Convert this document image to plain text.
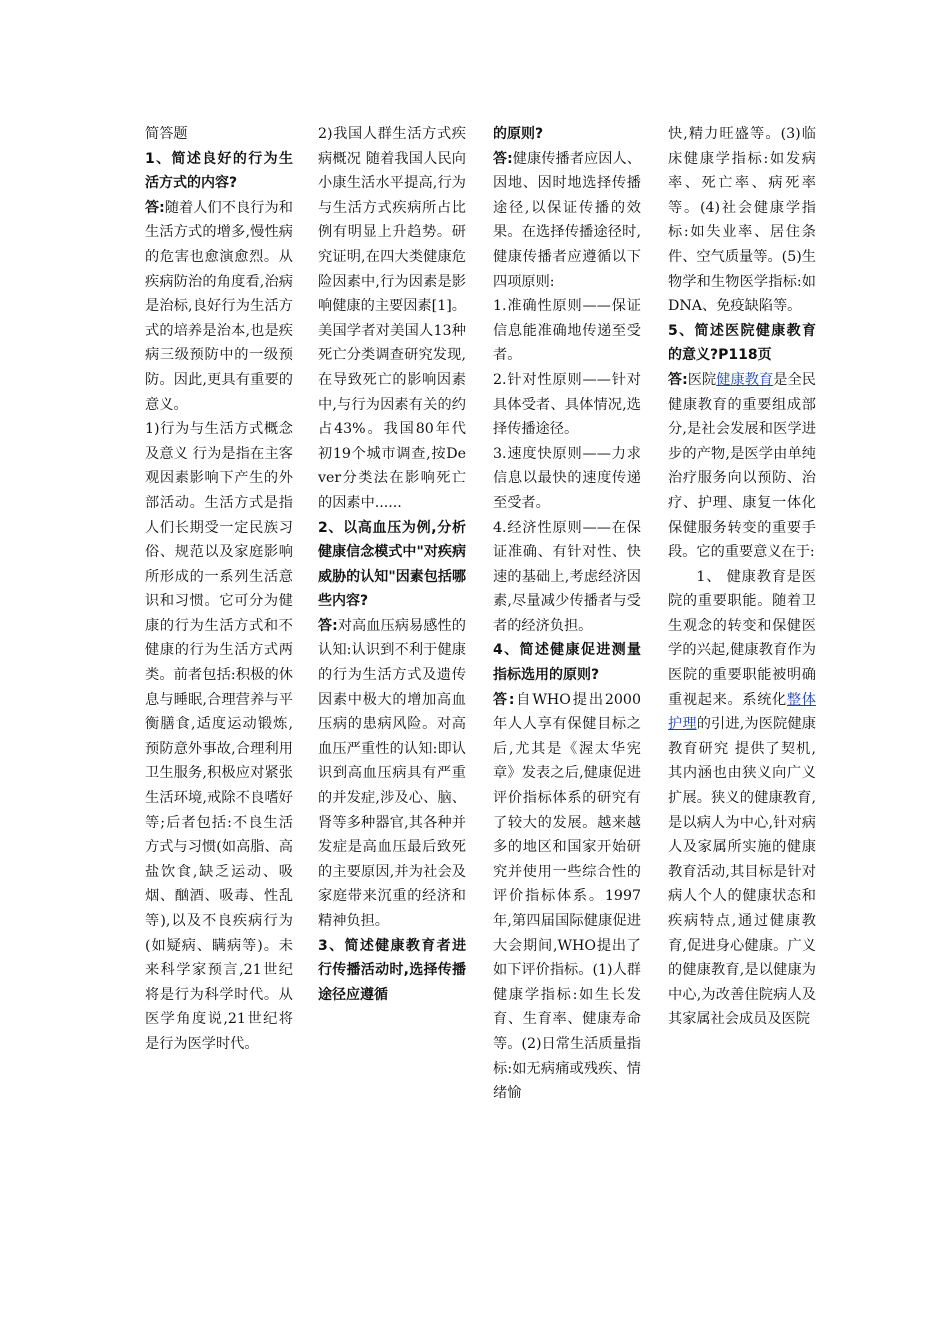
简答题

1、简述良好的行为生活方式的内容?

答:随着人们不良行为和生活方式的增多,慢性病的危害也愈演愈烈。从疾病防治的角度看,治病是治标,良好行为生活方式的培养是治本,也是疾病三级预防中的一级预防。因此,更具有重要的意义。

1)行为与生活方式概念及意义 行为是指在主客观因素影响下产生的外部活动。生活方式是指人们长期受一定民族习俗、规范以及家庭影响所形成的一系列生活意识和习惯。它可分为健康的行为生活方式和不健康的行为生活方式两类。前者包括:积极的休息与睡眠,合理营养与平衡膳食,适度运动锻炼,预防意外事故,合理利用卫生服务,积极应对紧张生活环境,戒除不良嗜好等;后者包括:不良生活方式与习惯(如高脂、高盐饮食,缺乏运动、吸烟、酗酒、吸毒、性乱等),以及不良疾病行为(如疑病、瞒病等)。未来科学家预言,21世纪将是行为科学时代。从医学角度说,21世纪将是行为医学时代。

2)我国人群生活方式疾病概况 随着我国人民向小康生活水平提高,行为与生活方式疾病所占比例有明显上升趋势。研究证明,在四大类健康危险因素中,行为因素是影响健康的主要因素[1]。美国学者对美国人13种死亡分类调查研究发现,在导致死亡的影响因素中,与行为因素有关的约占43%。我国80年代初19个城市调查,按Dever分类法在影响死亡的因素中......

2、以高血压为例,分析健康信念模式中"对疾病威胁的认知"因素包括哪些内容?

答:对高血压病易感性的认知:认识到不利于健康的行为生活方式及遗传因素中极大的增加高血压病的患病风险。对高血压严重性的认知:即认识到高血压病具有严重的并发症,涉及心、脑、肾等多种器官,其各种并发症是高血压最后致死的主要原因,并为社会及家庭带来沉重的经济和精神负担。

3、简述健康教育者进行传播活动时,选择传播途径应遵循

的原则?

答:健康传播者应因人、因地、因时地选择传播途径,以保证传播的效果。在选择传播途径时,健康传播者应遵循以下四项原则:

1.准确性原则——保证信息能准确地传递至受者。

2.针对性原则——针对具体受者、具体情况,选择传播途径。

3.速度快原则——力求信息以最快的速度传递至受者。

4.经济性原则——在保证准确、有针对性、快速的基础上,考虑经济因素,尽量减少传播者与受者的经济负担。

4、简述健康促进测量指标选用的原则?

答:自WHO提出2000年人人享有保健目标之后,尤其是《渥太华宪章》发表之后,健康促进评价指标体系的研究有了较大的发展。越来越多的地区和国家开始研究并使用一些综合性的评价指标体系。1997年,第四届国际健康促进大会期间,WHO提出了如下评价指标。(1)人群健康学指标:如生长发育、生育率、健康寿命等。(2)日常生活质量指标:如无病痛或残疾、情绪愉

快,精力旺盛等。(3)临床健康学指标:如发病率、死亡率、病死率等。(4)社会健康学指标:如失业率、居住条件、空气质量等。(5)生物学和生物医学指标:如DNA、免疫缺陷等。

5、简述医院健康教育的意义?P118页

答:医院健康教育是全民健康教育的重要组成部分,是社会发展和医学进步的产物,是医学由单纯治疗服务向以预防、治疗、护理、康复一体化保健服务转变的重要手段。它的重要意义在于:

1、 健康教育是医院的重要职能。随着卫生观念的转变和保健医学的兴起,健康教育作为医院的重要职能被明确重视起来。系统化整体护理的引进,为医院健康教育研究 提供了契机,其内涵也由狭义向广义扩展。狭义的健康教育,是以病人为中心,针对病人及家属所实施的健康教育活动,其目标是针对病人个人的健康状态和疾病特点,通过健康教育,促进身心健康。广义的健康教育,是以健康为中心,为改善住院病人及其家属社会成员及医院
